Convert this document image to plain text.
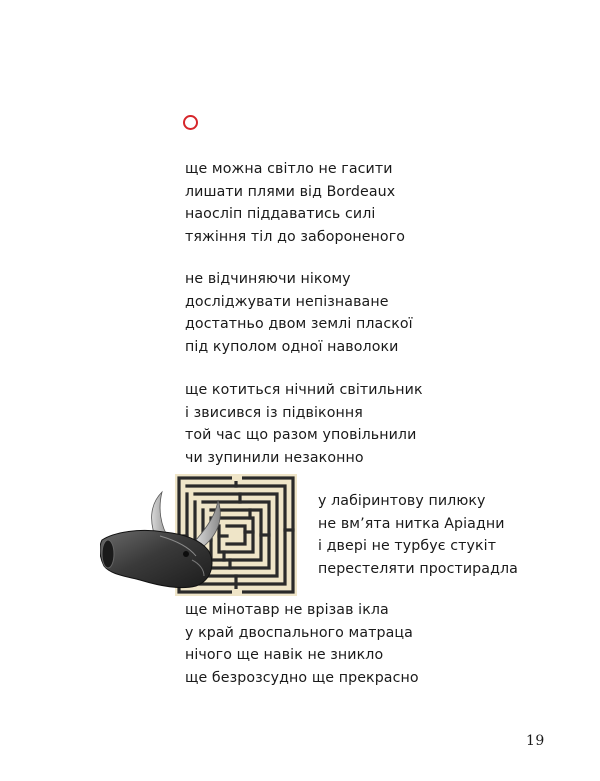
ще можна світло не гасити
лишати плями від Bordeaux
наосліп піддаватись силі
тяжіння тіл до забороненого
не відчиняючи нікому
досліджувати непізнаване
достатньо двом землі пласкої
під куполом одної наволоки
ще котиться нічний світильник
і звисився із підвіконня
той час що разом уповільнили
чи зупинили незаконно
у лабіринтову пилюку
не вм’ята нитка Аріадни
і двері не турбує стукіт
перестеляти простирадла
ще мінотавр не врізав ікла
у край двоспального матраца
нічого ще навік не зникло
ще безрозсудно ще прекрасно
19
